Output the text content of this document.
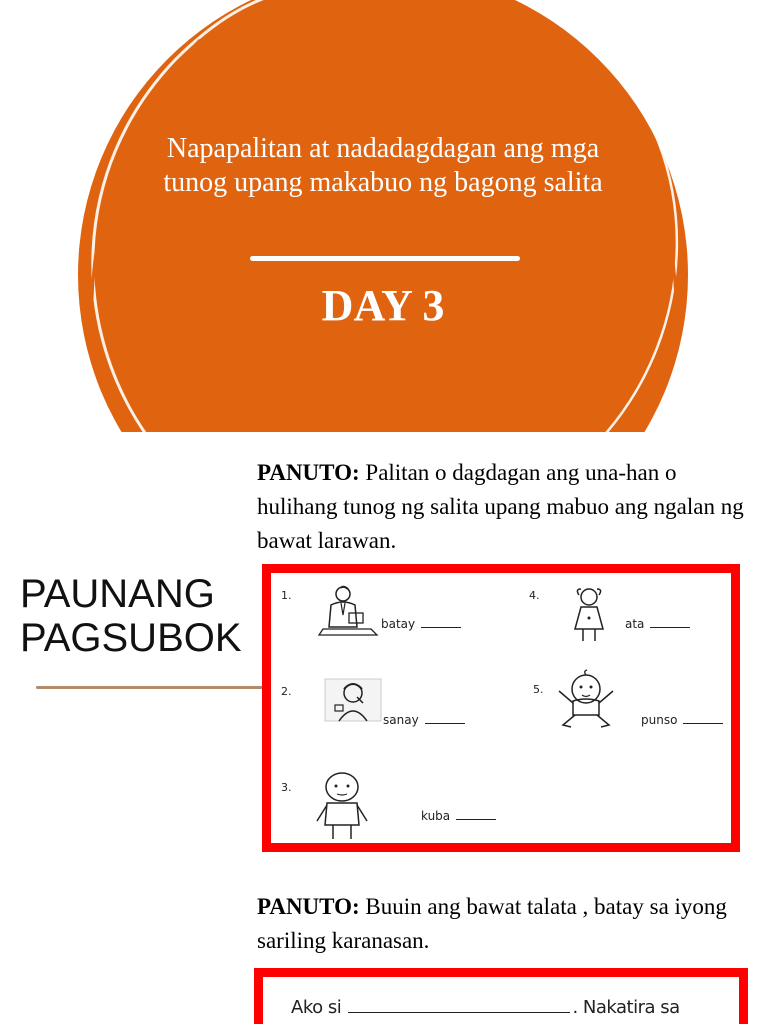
Napapalitan at nadadagdagan ang mga tunog upang makabuo ng bagong salita
DAY 3
PANUTO: Palitan o dagdagan ang una-han o hulihang tunog ng salita upang mabuo ang ngalan ng bawat larawan.
PAUNANG
PAGSUBOK
1.
batay
4.
ata
2.
sanay
5.
punso
3.
kuba
PANUTO: Buuin ang bawat talata , batay sa iyong sariling karanasan.
Ako si	. Nakatira sa
